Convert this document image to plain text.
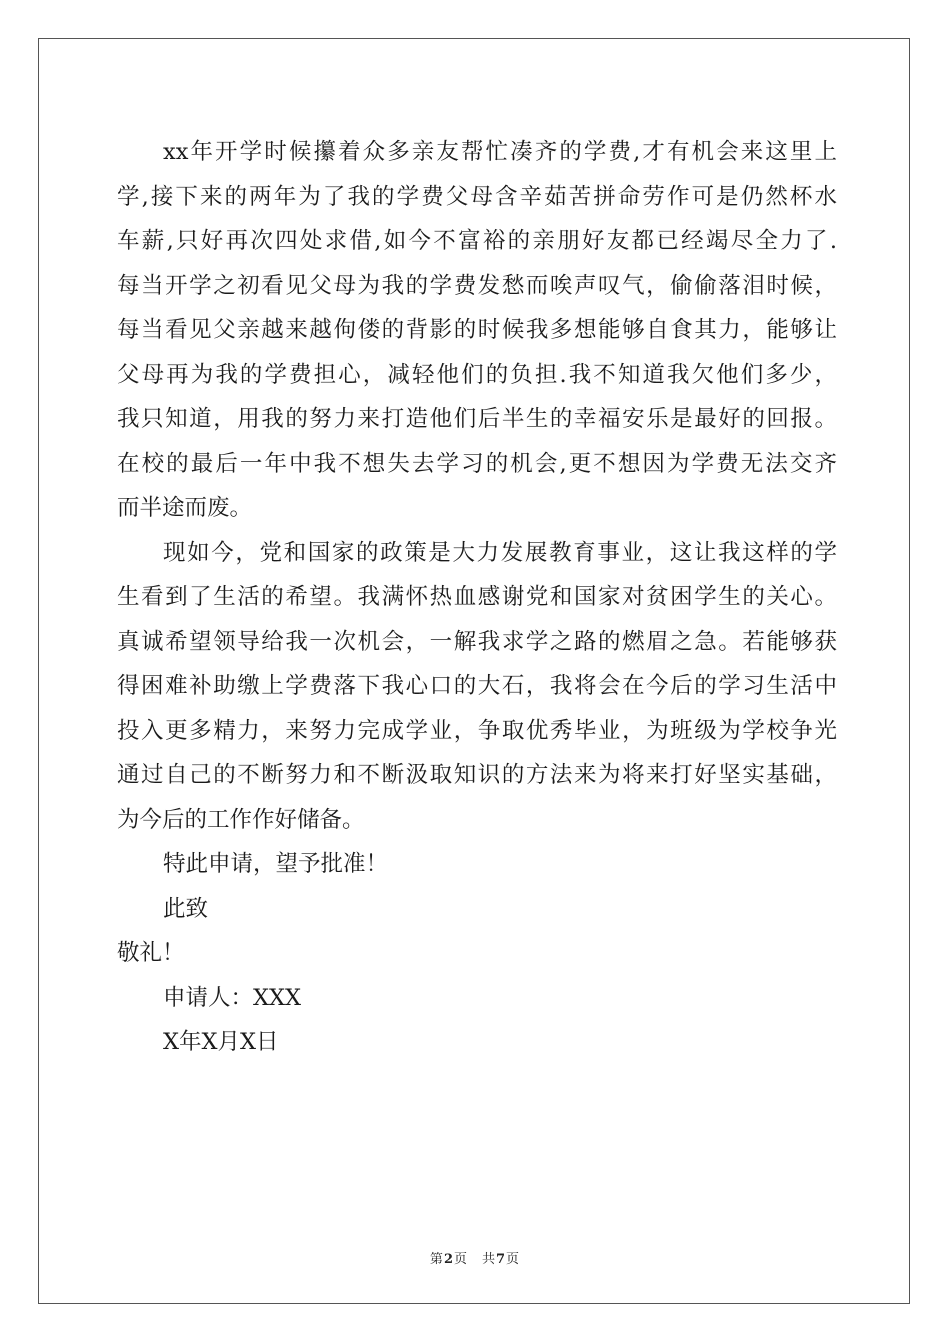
xx年开学时候攥着众多亲友帮忙凑齐的学费,才有机会来这里上
学,接下来的两年为了我的学费父母含辛茹苦拼命劳作可是仍然杯水
车薪,只好再次四处求借,如今不富裕的亲朋好友都已经竭尽全力了.
每当开学之初看见父母为我的学费发愁而唉声叹气，偷偷落泪时候，
每当看见父亲越来越佝偻的背影的时候我多想能够自食其力，能够让
父母再为我的学费担心，减轻他们的负担.我不知道我欠他们多少，
我只知道，用我的努力来打造他们后半生的幸福安乐是最好的回报。
在校的最后一年中我不想失去学习的机会,更不想因为学费无法交齐
而半途而废。
现如今，党和国家的政策是大力发展教育事业，这让我这样的学
生看到了生活的希望。我满怀热血感谢党和国家对贫困学生的关心。
真诚希望领导给我一次机会，一解我求学之路的燃眉之急。若能够获
得困难补助缴上学费落下我心口的大石，我将会在今后的学习生活中
投入更多精力，来努力完成学业，争取优秀毕业，为班级为学校争光
通过自己的不断努力和不断汲取知识的方法来为将来打好坚实基础，
为今后的工作作好储备。
特此申请，望予批准！
此致
敬礼！
申请人：XXX
X年X月X日
第2页　共7页
